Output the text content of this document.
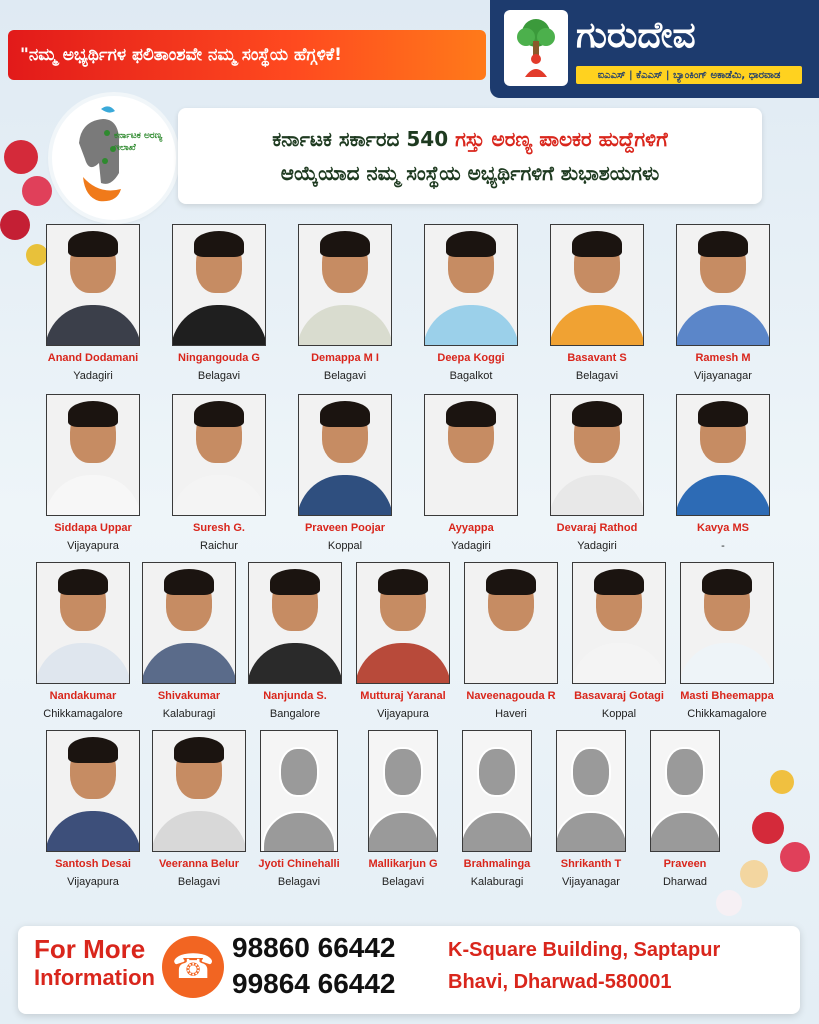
"ನಮ್ಮ ಅಭ್ಯರ್ಥಿಗಳ ಫಲಿತಾಂಶವೇ ನಮ್ಮ ಸಂಸ್ಥೆಯ ಹೆಗ್ಗಳಿಕೆ!	ಗುರುದೇವ
ಐಎಎಸ್ | ಕೆಎಎಸ್ | ಬ್ಯಾಂಕಿಂಗ್ ಅಕಾಡೆಮಿ, ಧಾರವಾಡ
ಕರ್ನಾಟಕ ಅರಣ್ಯ ಇಲಾಖೆ	ಕರ್ನಾಟಕ ಸರ್ಕಾರದ 540 ಗಸ್ತು ಅರಣ್ಯ ಪಾಲಕರ ಹುದ್ದೆಗಳಿಗೆ
ಆಯ್ಕೆಯಾದ ನಮ್ಮ ಸಂಸ್ಥೆಯ ಅಭ್ಯರ್ಥಿಗಳಿಗೆ ಶುಭಾಶಯಗಳು
Anand Dodamani
Yadagiri
Ningangouda G
Belagavi
Demappa M I
Belagavi
Deepa Koggi
Bagalkot
Basavant S
Belagavi
Ramesh M
Vijayanagar
Siddapa Uppar
Vijayapura
Suresh G.
Raichur
Praveen Poojar
Koppal
Ayyappa
Yadagiri
Devaraj Rathod
Yadagiri
Kavya MS
-
Nandakumar
Chikkamagalore
Shivakumar
Kalaburagi
Nanjunda S.
Bangalore
Mutturaj Yaranal
Vijayapura
Naveenagouda R
Haveri
Basavaraj Gotagi
Koppal
Masti Bheemappa
Chikkamagalore
Santosh Desai
Vijayapura
Veeranna Belur
Belagavi
Jyoti Chinehalli
Belagavi
Mallikarjun G
Belagavi
Brahmalinga
Kalaburagi
Shrikanth T
Vijayanagar
Praveen
Dharwad
For More
Information ☎ 98860 66442
99864 66442
K-Square Building, Saptapur
Bhavi, Dharwad-580001
